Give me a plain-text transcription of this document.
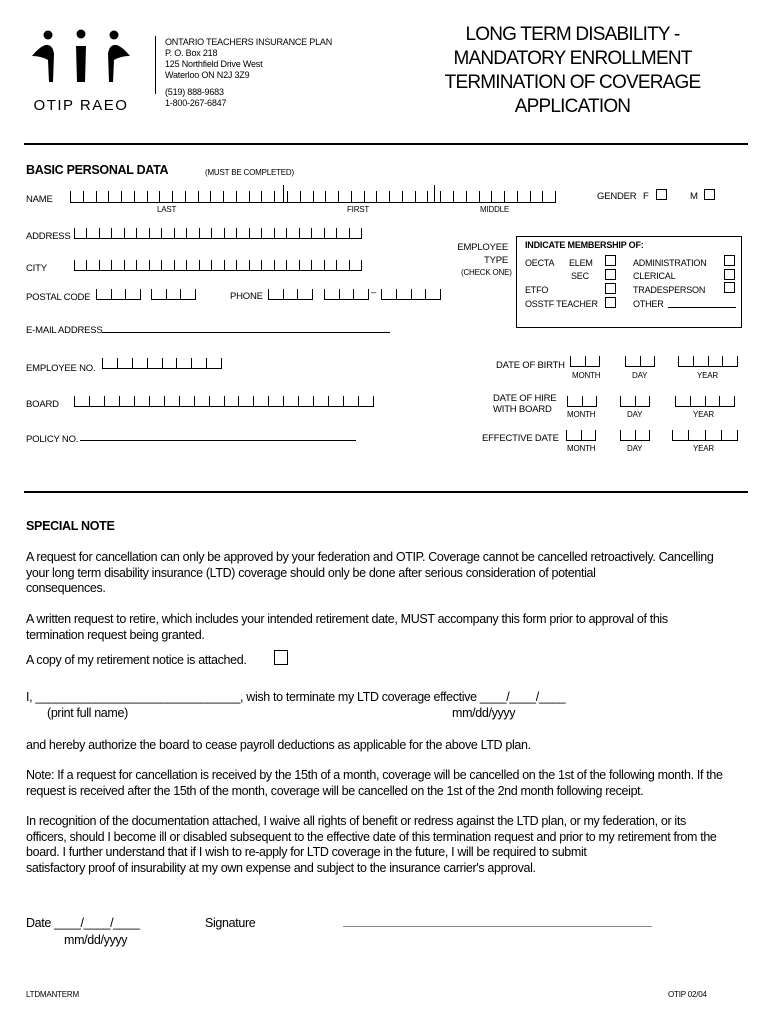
OTIP RAEO
ONTARIO TEACHERS INSURANCE PLAN
P. O. Box 218
125 Northfield Drive West
Waterloo ON N2J 3Z9
(519) 888-9683
1-800-267-6847
LONG TERM DISABILITY -
MANDATORY ENROLLMENT
TERMINATION OF COVERAGE
APPLICATION
BASIC PERSONAL DATA	(MUST BE COMPLETED)
NAME
LAST	FIRST	MIDDLE
GENDER F	M
ADDRESS
CITY
POSTAL CODE	PHONE	–
E-MAIL ADDRESS
EMPLOYEE
TYPE
(CHECK ONE)
INDICATE MEMBERSHIP OF:
OECTA ELEM
SEC
ETFO
OSSTF TEACHER
ADMINISTRATION
CLERICAL
TRADESPERSON
OTHER
EMPLOYEE NO.
BOARD
POLICY NO.
DATE OF BIRTH
MONTH	DAY	YEAR
DATE OF HIRE
WITH BOARD	MONTH	DAY	YEAR
EFFECTIVE DATE
MONTH	DAY	YEAR
SPECIAL NOTE
A request for cancellation can only be approved by your federation and OTIP. Coverage cannot be cancelled retroactively. Cancelling
your long term disability insurance (LTD) coverage should only be done after serious consideration of potential
consequences.
A written request to retire, which includes your intended retirement date, MUST accompany this form prior to approval of this
termination request being granted.
A copy of my retirement notice is attached.
I, _______________________________, wish to terminate my LTD coverage effective ____/____/____
(print full name)	mm/dd/yyyy
and hereby authorize the board to cease payroll deductions as applicable for the above LTD plan.
Note: If a request for cancellation is received by the 15th of a month, coverage will be cancelled on the 1st of the following month. If the
request is received after the 15th of the month, coverage will be cancelled on the 1st of the 2nd month following receipt.
In recognition of the documentation attached, I waive all rights of benefit or redress against the LTD plan, or my federation, or its
officers, should I become ill or disabled subsequent to the effective date of this termination request and prior to my retirement from the
board. I further understand that if I wish to re-apply for LTD coverage in the future, I will be required to submit
satisfactory proof of insurability at my own expense and subject to the insurance carrier's approval.
Date ____/____/____
mm/dd/yyyy
Signature
LTDMANTERM	OTIP 02/04
